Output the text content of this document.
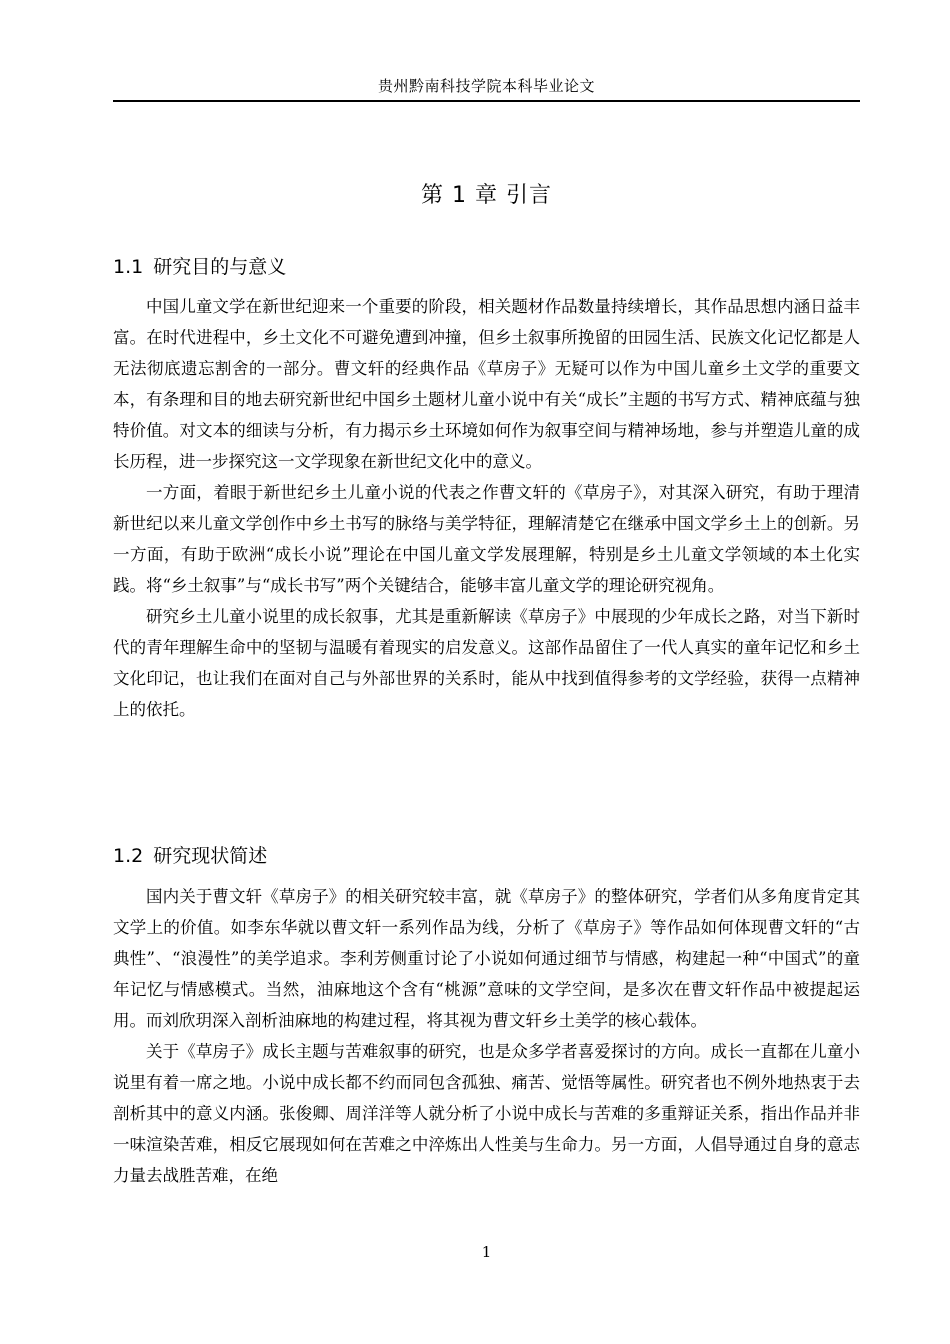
贵州黔南科技学院本科毕业论文
第 1 章 引言
1.1 研究目的与意义

中国儿童文学在新世纪迎来一个重要的阶段，相关题材作品数量持续增长，其作品思想内涵日益丰富。在时代进程中，乡土文化不可避免遭到冲撞，但乡土叙事所挽留的田园生活、民族文化记忆都是人无法彻底遗忘割舍的一部分。曹文轩的经典作品《草房子》无疑可以作为中国儿童乡土文学的重要文本，有条理和目的地去研究新世纪中国乡土题材儿童小说中有关“成长”主题的书写方式、精神底蕴与独特价值。对文本的细读与分析，有力揭示乡土环境如何作为叙事空间与精神场地，参与并塑造儿童的成长历程，进一步探究这一文学现象在新世纪文化中的意义。

一方面，着眼于新世纪乡土儿童小说的代表之作曹文轩的《草房子》，对其深入研究，有助于理清新世纪以来儿童文学创作中乡土书写的脉络与美学特征，理解清楚它在继承中国文学乡土上的创新。另一方面，有助于欧洲“成长小说”理论在中国儿童文学发展理解，特别是乡土儿童文学领域的本土化实践。将“乡土叙事”与“成长书写”两个关键结合，能够丰富儿童文学的理论研究视角。

研究乡土儿童小说里的成长叙事，尤其是重新解读《草房子》中展现的少年成长之路，对当下新时代的青年理解生命中的坚韧与温暖有着现实的启发意义。这部作品留住了一代人真实的童年记忆和乡土文化印记，也让我们在面对自己与外部世界的关系时，能从中找到值得参考的文学经验，获得一点精神上的依托。

1.2 研究现状简述

国内关于曹文轩《草房子》的相关研究较丰富，就《草房子》的整体研究，学者们从多角度肯定其文学上的价值。如李东华就以曹文轩一系列作品为线，分析了《草房子》等作品如何体现曹文轩的“古典性”、“浪漫性”的美学追求。李利芳侧重讨论了小说如何通过细节与情感，构建起一种“中国式”的童年记忆与情感模式。当然，油麻地这个含有“桃源”意味的文学空间，是多次在曹文轩作品中被提起运用。而刘欣玥深入剖析油麻地的构建过程，将其视为曹文轩乡土美学的核心载体。

关于《草房子》成长主题与苦难叙事的研究，也是众多学者喜爱探讨的方向。成长一直都在儿童小说里有着一席之地。小说中成长都不约而同包含孤独、痛苦、觉悟等属性。研究者也不例外地热衷于去剖析其中的意义内涵。张俊卿、周洋洋等人就分析了小说中成长与苦难的多重辩证关系，指出作品并非一味渲染苦难，相反它展现如何在苦难之中淬炼出人性美与生命力。另一方面，人倡导通过自身的意志力量去战胜苦难，在绝

1
